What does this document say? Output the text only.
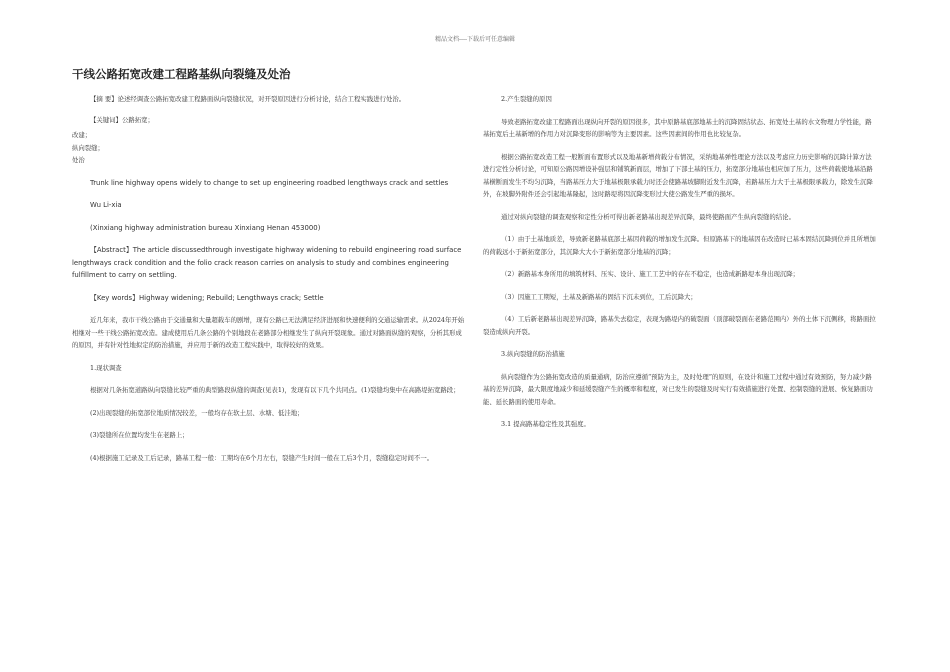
精品文档----下载后可任意编辑
干线公路拓宽改建工程路基纵向裂缝及处治

【摘 要】论述经调查公路拓宽改建工程路面纵向裂缝状况，对开裂原因进行分析讨论，结合工程实践进行处治。

【关键词】公路拓宽；

改建；

纵向裂缝；

处治

Trunk line highway opens widely to change to set up engineering roadbed lengthways crack and settles

Wu Li-xia

(Xinxiang highway administration bureau Xinxiang Henan 453000)

【Abstract】The article discussedthrough investigate highway widening to rebuild engineering road surface lengthways crack condition and the folio crack reason carries on analysis to study and combines engineering fulfillment to carry on settling.

【Key words】Highway widening; Rebuild; Lengthways crack; Settle

近几年来，我市干线公路由于交通量和大量超载车的剧增，现有公路已无法满足经济进展和快速便利的交通运输需求。从2024年开始相继对一些干线公路拓宽改造。建成使用后几条公路的个别地段在老路部分相继发生了纵向开裂现象。通过对路面纵缝的观察，分析其形成的原因，并有针对性地拟定的防治措施，并应用于新的改造工程实践中，取得较好的效果。

1.现状调查

根据对几条拓宽道路纵向裂缝比较严重的典型路段纵缝的调查(见表1)，发现有以下几个共同点。(1)裂缝均集中在高路堤拓宽路段；

(2)出现裂缝的拓宽部位地质情况较差，一般均存在软土层、水塘、低洼地；

(3)裂缝所在位置均发生在老路上；

(4)根据施工记录及工后记录，路基工程一般：工期均在6个月左右，裂缝产生时间一般在工后3个月，裂缝稳定时间不一。

2.产生裂缝的原因

导致老路拓宽改建工程路面出现纵向开裂的原因很多，其中原路基底部地基土的沉降固结状态、拓宽处土基的水文物理力学性能，路基拓宽后土基新增的作用力对沉降变形的影响等为主要因素。这些因素间的作用也比较复杂。

根据公路拓宽改造工程一般断面布置形式以及地基新增荷载分布情况，采纳地基弹性理论方法以及考虑应力历史影响的沉降计算方法进行定性分析讨论，可知原公路因增设补强层和铺筑新面层，增加了下部土基的压力，拓宽部分地基也相应加了压力，这些荷载使地基沿路基横断面发生不均匀沉降，当路基压力大于地基极限承载力时还会使路基坡脚附近发生沉降，若路基压力大于土基极限承载力，除发生沉降外，在坡脚外附件还会引起地基隆起，这时路堤将因沉降变形过大使公路发生严重的损坏。

通过对纵向裂缝的调查观察和定性分析可得出新老路基出现差异沉降，最终使路面产生纵向裂缝的结论。

（1）由于土基地质差，导致新老路基底部土基因荷载的增加发生沉降。但原路基下的地基因在改造时已基本固结沉降到位并且所增加的荷载远小于新拓宽部分，其沉降大大小于新拓宽部分地基的沉降；

（2）新路基本身所用的填筑材料、压实、设计、施工工艺中的存在不稳定，也造成新路堤本身出现沉降；

（3）因施工工期短，土基及新路基的固结下沉未到位，工后沉降大；

（4）工后新老路基出现差异沉降，路基失去稳定，表现为路堤内的破裂面（顶部破裂面在老路范围内）外的土体下沉侧移，将路面拉裂造成纵向开裂。

3.纵向裂缝的防治措施

纵向裂缝作为公路拓宽改造的质量通病，防治应遵循“预防为主，及时处理”的原则，在设计和施工过程中通过有效预防，努力减少路基的差异沉降，最大限度地减少和延缓裂缝产生的概率和程度，对已发生的裂缝及时实行有效措施进行处置、控制裂缝的进展、恢复路面功能、延长路面的使用寿命。

3.1 提高路基稳定性及其强度。
